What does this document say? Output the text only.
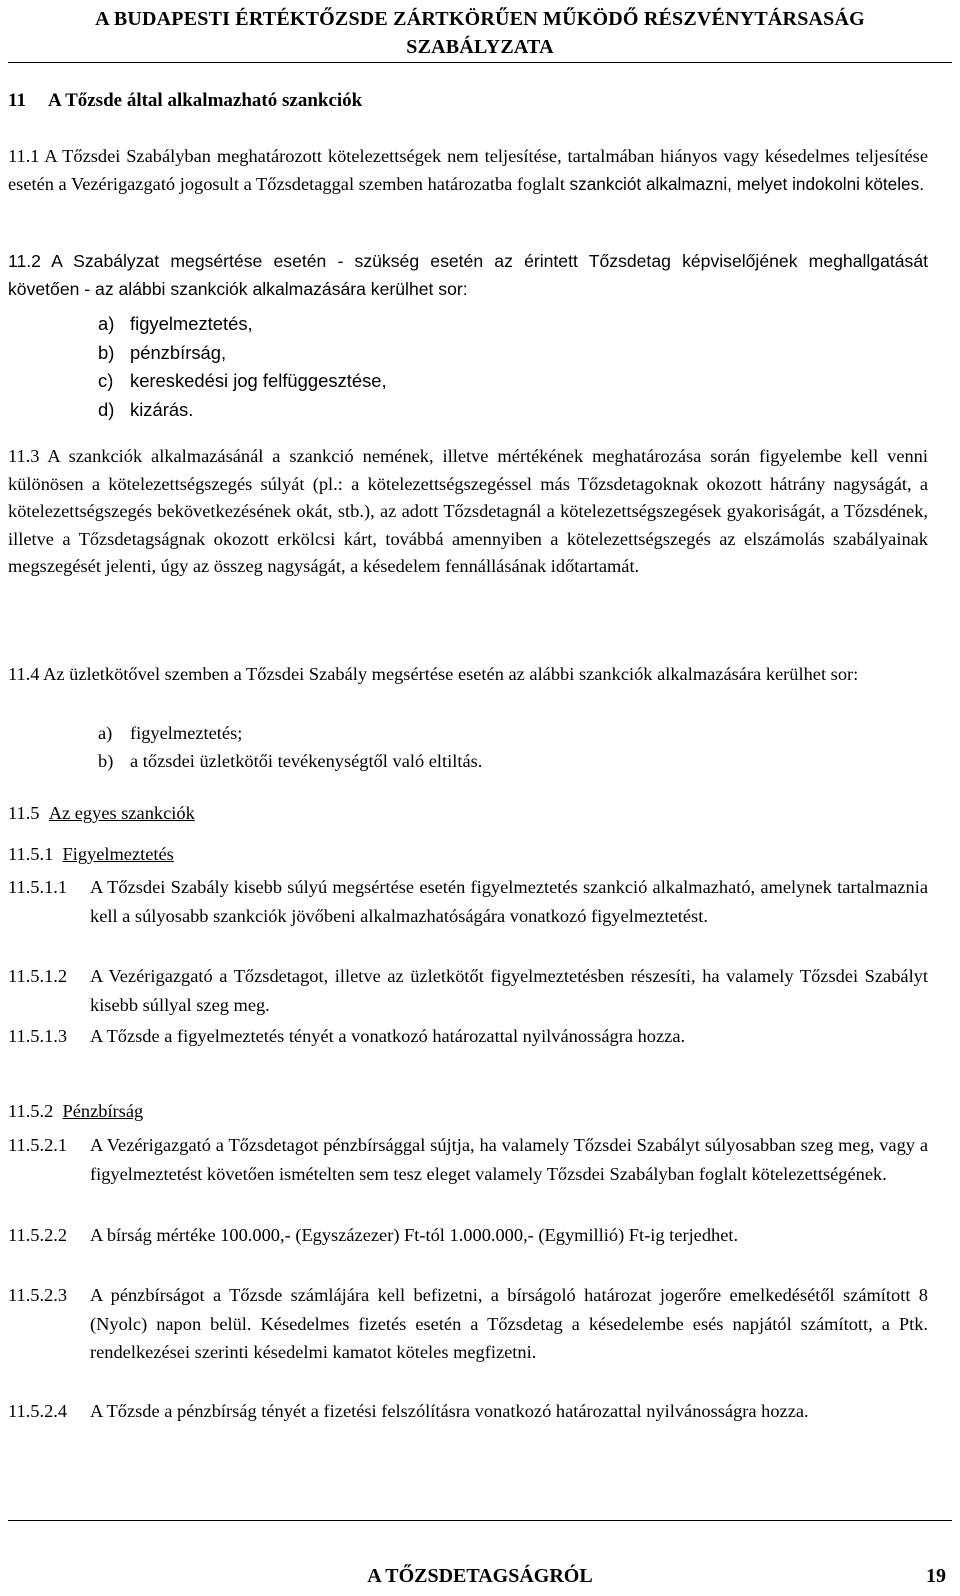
A BUDAPESTI ÉRTÉKTŐZSDE ZÁRTKÖRŰEN MŰKÖDŐ RÉSZVÉNYTÁRSASÁG
SZABÁLYZATA
11 A Tőzsde által alkalmazható szankciók
11.1 A Tőzsdei Szabályban meghatározott kötelezettségek nem teljesítése, tartalmában hiányos vagy késedelmes teljesítése esetén a Vezérigazgató jogosult a Tőzsdetaggal szemben határozatba foglalt szankciót alkalmazni, melyet indokolni köteles.
11.2 A Szabályzat megsértése esetén - szükség esetén az érintett Tőzsdetag képviselőjének meghallgatását követően - az alábbi szankciók alkalmazására kerülhet sor:
a) figyelmeztetés,
b) pénzbírság,
c) kereskedési jog felfüggesztése,
d) kizárás.
11.3 A szankciók alkalmazásánál a szankció nemének, illetve mértékének meghatározása során figyelembe kell venni különösen a kötelezettségszegés súlyát (pl.: a kötelezettségszegéssel más Tőzsdetagoknak okozott hátrány nagyságát, a kötelezettségszegés bekövetkezésének okát, stb.), az adott Tőzsdetagnál a kötelezettségszegések gyakoriságát, a Tőzsdének, illetve a Tőzsdetagságnak okozott erkölcsi kárt, továbbá amennyiben a kötelezettségszegés az elszámolás szabályainak megszegését jelenti, úgy az összeg nagyságát, a késedelem fennállásának időtartamát.
11.4 Az üzletkötővel szemben a Tőzsdei Szabály megsértése esetén az alábbi szankciók alkalmazására kerülhet sor:
a) figyelmeztetés;
b) a tőzsdei üzletkötői tevékenységtől való eltiltás.
11.5 Az egyes szankciók
11.5.1 Figyelmeztetés
11.5.1.1 A Tőzsdei Szabály kisebb súlyú megsértése esetén figyelmeztetés szankció alkalmazható, amelynek tartalmaznia kell a súlyosabb szankciók jövőbeni alkalmazhatóságára vonatkozó figyelmeztetést.
11.5.1.2 A Vezérigazgató a Tőzsdetagot, illetve az üzletkötőt figyelmeztetésben részesíti, ha valamely Tőzsdei Szabályt kisebb súllyal szeg meg.
11.5.1.3 A Tőzsde a figyelmeztetés tényét a vonatkozó határozattal nyilvánosságra hozza.
11.5.2 Pénzbírság
11.5.2.1 A Vezérigazgató a Tőzsdetagot pénzbírsággal sújtja, ha valamely Tőzsdei Szabályt súlyosabban szeg meg, vagy a figyelmeztetést követően ismételten sem tesz eleget valamely Tőzsdei Szabályban foglalt kötelezettségének.
11.5.2.2 A bírság mértéke 100.000,- (Egyszázezer) Ft-tól 1.000.000,- (Egymillió) Ft-ig terjedhet.
11.5.2.3 A pénzbírságot a Tőzsde számlájára kell befizetni, a bírságoló határozat jogerőre emelkedésétől számított 8 (Nyolc) napon belül. Késedelmes fizetés esetén a Tőzsdetag a késedelembe esés napjától számított, a Ptk. rendelkezései szerinti késedelmi kamatot köteles megfizetni.
11.5.2.4 A Tőzsde a pénzbírság tényét a fizetési felszólításra vonatkozó határozattal nyilvánosságra hozza.
A TŐZSDETAGSÁGRÓL	19
